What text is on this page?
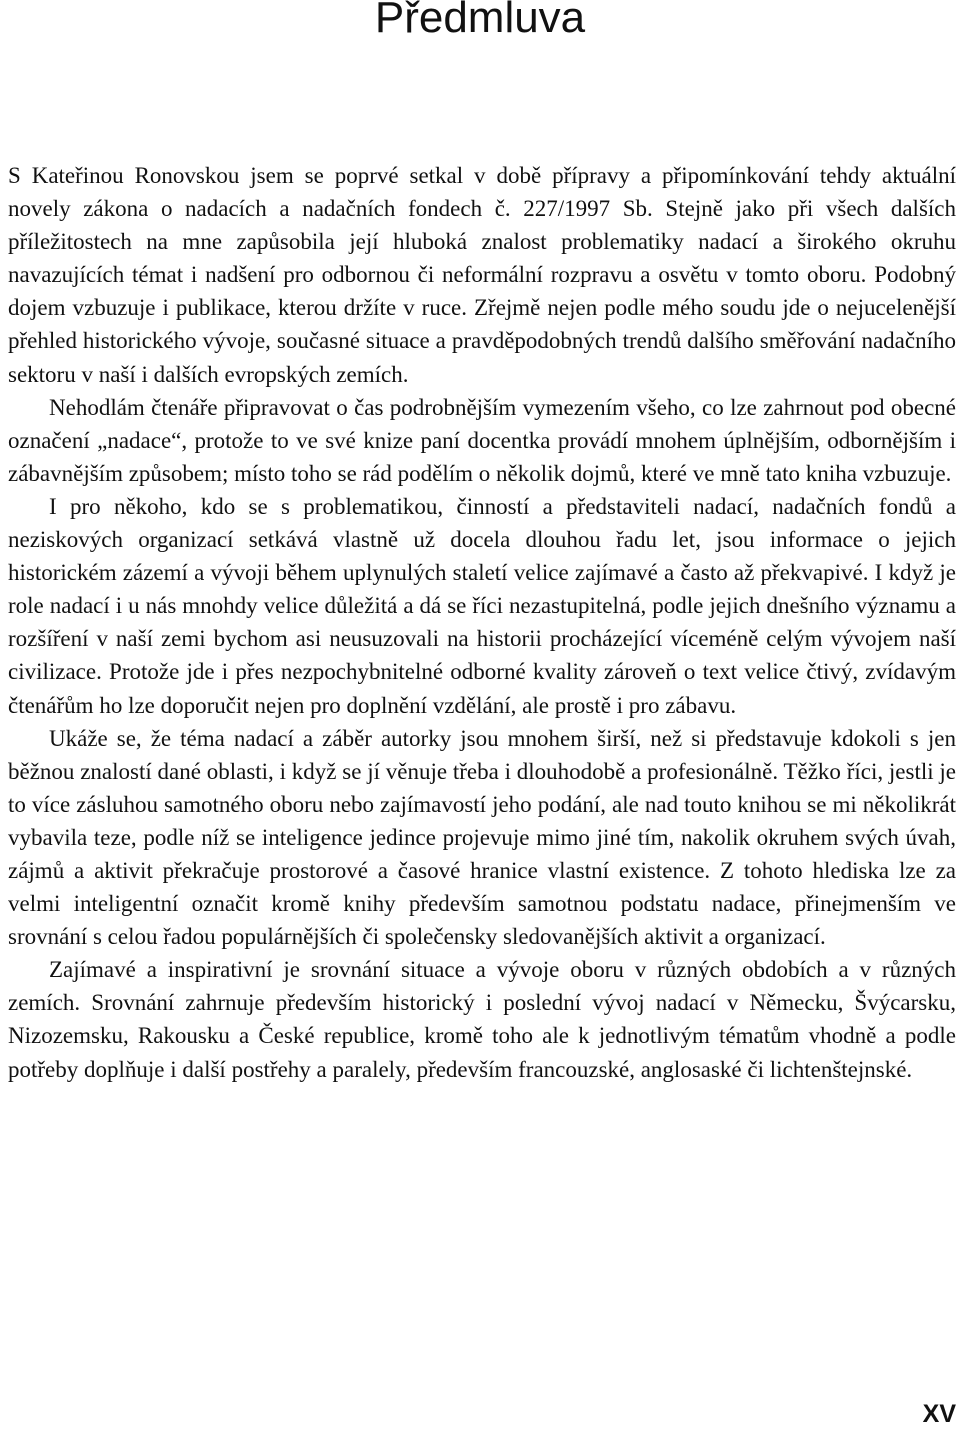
Předmluva

S Kateřinou Ronovskou jsem se poprvé setkal v době přípravy a připomínkování tehdy aktuální novely zákona o nadacích a nadačních fondech č. 227/1997 Sb. Stejně jako při všech dalších příležitostech na mne zapůsobila její hluboká znalost problematiky nadací a širokého okruhu navazujících témat i nadšení pro odbornou či neformální rozpravu a osvětu v tomto oboru. Podobný dojem vzbuzuje i publikace, kterou držíte v ruce. Zřejmě nejen podle mého soudu jde o nejucelenější přehled historického vývoje, současné situace a pravděpodobných trendů dalšího směřování nadačního sektoru v naší i dalších evropských zemích.

Nehodlám čtenáře připravovat o čas podrobnějším vymezením všeho, co lze zahrnout pod obecné označení „nadace“, protože to ve své knize paní docentka provádí mnohem úplnějším, odbornějším i zábavnějším způsobem; místo toho se rád podělím o několik dojmů, které ve mně tato kniha vzbuzuje.

I pro někoho, kdo se s problematikou, činností a představiteli nadací, nadačních fondů a neziskových organizací setkává vlastně už docela dlouhou řadu let, jsou informace o jejich historickém zázemí a vývoji během uplynulých staletí velice zajímavé a často až překvapivé. I když je role nadací i u nás mnohdy velice důležitá a dá se říci nezastupitelná, podle jejich dnešního významu a rozšíření v naší zemi bychom asi neusuzovali na historii procházející víceméně celým vývojem naší civilizace. Protože jde i přes nezpochybnitelné odborné kvality zároveň o text velice čtivý, zvídavým čtenářům ho lze doporučit nejen pro doplnění vzdělání, ale prostě i pro zábavu.

Ukáže se, že téma nadací a záběr autorky jsou mnohem širší, než si představuje kdokoli s jen běžnou znalostí dané oblasti, i když se jí věnuje třeba i dlouhodobě a profesionálně. Těžko říci, jestli je to více zásluhou samotného oboru nebo zajímavostí jeho podání, ale nad touto knihou se mi několikrát vybavila teze, podle níž se inteligence jedince projevuje mimo jiné tím, nakolik okruhem svých úvah, zájmů a aktivit překračuje prostorové a časové hranice vlastní existence. Z tohoto hlediska lze za velmi inteligentní označit kromě knihy především samotnou podstatu nadace, přinejmenším ve srovnání s celou řadou populárnějších či společensky sledovanějších aktivit a organizací.

Zajímavé a inspirativní je srovnání situace a vývoje oboru v různých obdobích a v různých zemích. Srovnání zahrnuje především historický i poslední vývoj nadací v Německu, Švýcarsku, Nizozemsku, Rakousku a České republice, kromě toho ale k jednotlivým tématům vhodně a podle potřeby doplňuje i další postřehy a paralely, především francouzské, anglosaské či lichtenštejnské.

XV
